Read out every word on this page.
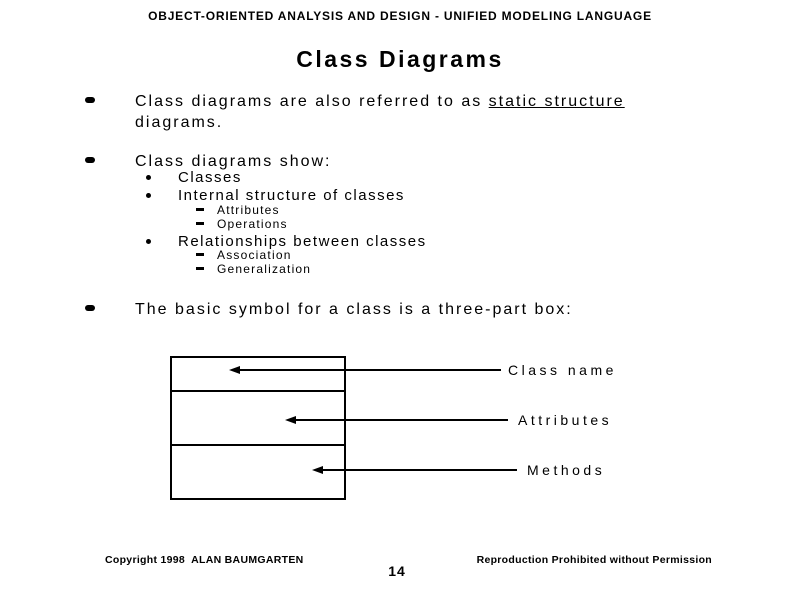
OBJECT-ORIENTED ANALYSIS AND DESIGN - UNIFIED MODELING LANGUAGE
Class Diagrams
Class diagrams are also referred to as static structure
diagrams.
Class diagrams show:
Classes
Internal structure of classes
Attributes
Operations
Relationships between classes
Association
Generalization
The basic symbol for a class is a three-part box:
Class name
Attributes
Methods
Copyright 1998  ALAN BAUMGARTEN	Reproduction Prohibited without Permission
14
